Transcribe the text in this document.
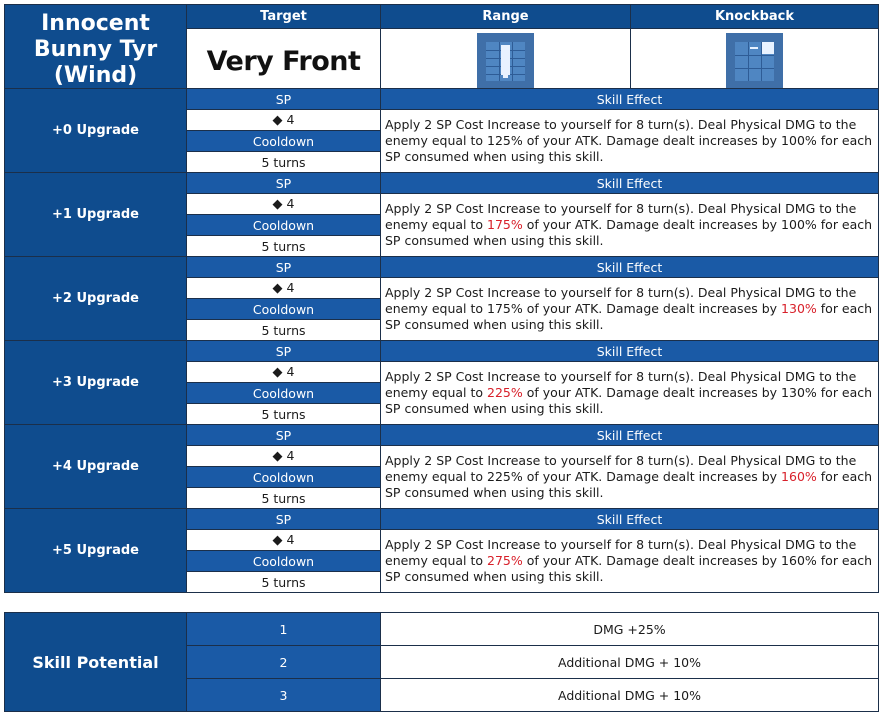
Innocent Bunny Tyr (Wind)	Target	Range	Knockback
	Very Front	

+0 Upgrade	SP	Skill Effect
	◆ 4	Apply 2 SP Cost Increase to yourself for 8 turn(s). Deal Physical DMG to the enemy equal to 125% of your ATK. Damage dealt increases by 100% for each SP consumed when using this skill.
	Cooldown	
	5 turns	
+1 Upgrade	SP	Skill Effect
	◆ 4	Apply 2 SP Cost Increase to yourself for 8 turn(s). Deal Physical DMG to the enemy equal to 175% of your ATK. Damage dealt increases by 100% for each SP consumed when using this skill.
	Cooldown	
	5 turns	
+2 Upgrade	SP	Skill Effect
	◆ 4	Apply 2 SP Cost Increase to yourself for 8 turn(s). Deal Physical DMG to the enemy equal to 175% of your ATK. Damage dealt increases by 130% for each SP consumed when using this skill.
	Cooldown	
	5 turns	
+3 Upgrade	SP	Skill Effect
	◆ 4	Apply 2 SP Cost Increase to yourself for 8 turn(s). Deal Physical DMG to the enemy equal to 225% of your ATK. Damage dealt increases by 130% for each SP consumed when using this skill.
	Cooldown	
	5 turns	
+4 Upgrade	SP	Skill Effect
	◆ 4	Apply 2 SP Cost Increase to yourself for 8 turn(s). Deal Physical DMG to the enemy equal to 225% of your ATK. Damage dealt increases by 160% for each SP consumed when using this skill.
	Cooldown	
	5 turns	
+5 Upgrade	SP	Skill Effect
	◆ 4	Apply 2 SP Cost Increase to yourself for 8 turn(s). Deal Physical DMG to the enemy equal to 275% of your ATK. Damage dealt increases by 160% for each SP consumed when using this skill.
	Cooldown	
	5 turns	
Skill Potential	1	DMG +25%
	2	Additional DMG + 10%
	3	Additional DMG + 10%
